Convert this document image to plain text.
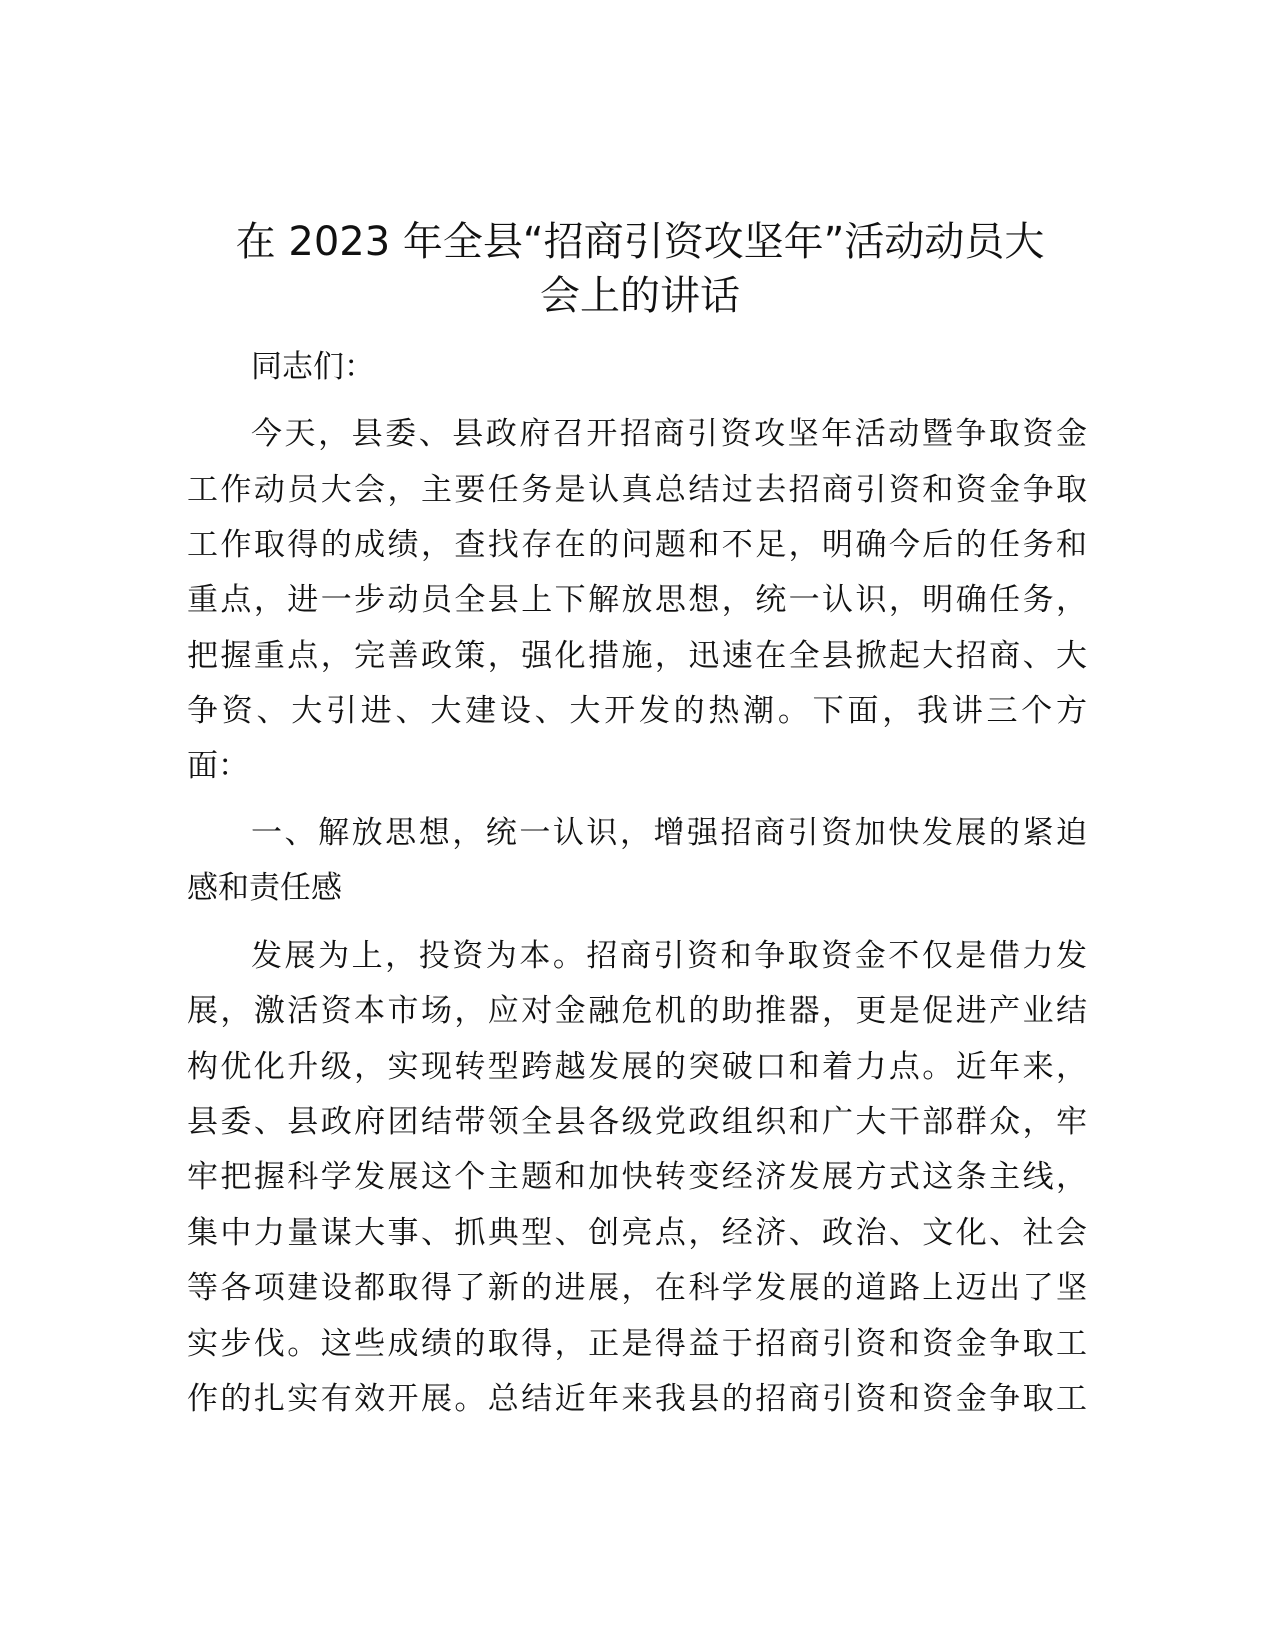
在 2023 年全县“招商引资攻坚年”活动动员大
会上的讲话
同志们：
今天，县委、县政府召开招商引资攻坚年活动暨争取资金
工作动员大会，主要任务是认真总结过去招商引资和资金争取
工作取得的成绩，查找存在的问题和不足，明确今后的任务和
重点，进一步动员全县上下解放思想，统一认识，明确任务，
把握重点，完善政策，强化措施，迅速在全县掀起大招商、大
争资、大引进、大建设、大开发的热潮。下面，我讲三个方
面：
一、解放思想，统一认识，增强招商引资加快发展的紧迫
感和责任感
发展为上，投资为本。招商引资和争取资金不仅是借力发
展，激活资本市场，应对金融危机的助推器，更是促进产业结
构优化升级，实现转型跨越发展的突破口和着力点。近年来，
县委、县政府团结带领全县各级党政组织和广大干部群众，牢
牢把握科学发展这个主题和加快转变经济发展方式这条主线，
集中力量谋大事、抓典型、创亮点，经济、政治、文化、社会
等各项建设都取得了新的进展，在科学发展的道路上迈出了坚
实步伐。这些成绩的取得，正是得益于招商引资和资金争取工
作的扎实有效开展。总结近年来我县的招商引资和资金争取工
